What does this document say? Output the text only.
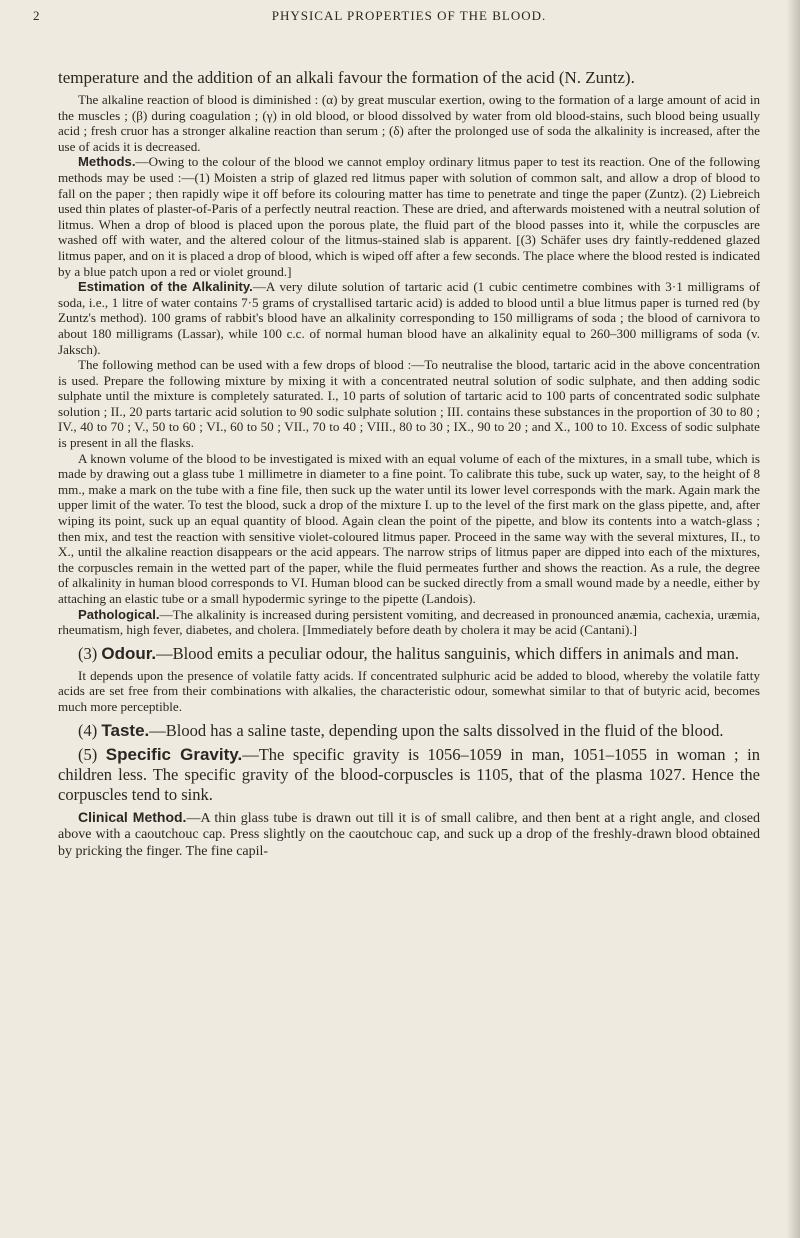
2	PHYSICAL PROPERTIES OF THE BLOOD.
temperature and the addition of an alkali favour the formation of the acid (N. Zuntz).

The alkaline reaction of blood is diminished : (α) by great muscular exertion, owing to the formation of a large amount of acid in the muscles ; (β) during coagulation ; (γ) in old blood, or blood dissolved by water from old blood-stains, such blood being usually acid ; fresh cruor has a stronger alkaline reaction than serum ; (δ) after the prolonged use of soda the alkalinity is increased, after the use of acids it is decreased.

Methods.—Owing to the colour of the blood we cannot employ ordinary litmus paper to test its reaction. One of the following methods may be used :—(1) Moisten a strip of glazed red litmus paper with solution of common salt, and allow a drop of blood to fall on the paper ; then rapidly wipe it off before its colouring matter has time to penetrate and tinge the paper (Zuntz). (2) Liebreich used thin plates of plaster-of-Paris of a perfectly neutral reaction. These are dried, and afterwards moistened with a neutral solution of litmus. When a drop of blood is placed upon the porous plate, the fluid part of the blood passes into it, while the corpuscles are washed off with water, and the altered colour of the litmus-stained slab is apparent. [(3) Schäfer uses dry faintly-reddened glazed litmus paper, and on it is placed a drop of blood, which is wiped off after a few seconds. The place where the blood rested is indicated by a blue patch upon a red or violet ground.]

Estimation of the Alkalinity.—A very dilute solution of tartaric acid (1 cubic centimetre combines with 3·1 milligrams of soda, i.e., 1 litre of water contains 7·5 grams of crystallised tartaric acid) is added to blood until a blue litmus paper is turned red (by Zuntz's method). 100 grams of rabbit's blood have an alkalinity corresponding to 150 milligrams of soda ; the blood of carnivora to about 180 milligrams (Lassar), while 100 c.c. of normal human blood have an alkalinity equal to 260–300 milligrams of soda (v. Jaksch).

The following method can be used with a few drops of blood :—To neutralise the blood, tartaric acid in the above concentration is used. Prepare the following mixture by mixing it with a concentrated neutral solution of sodic sulphate, and then adding sodic sulphate until the mixture is completely saturated. I., 10 parts of solution of tartaric acid to 100 parts of concentrated sodic sulphate solution ; II., 20 parts tartaric acid solution to 90 sodic sulphate solution ; III. contains these substances in the proportion of 30 to 80 ; IV., 40 to 70 ; V., 50 to 60 ; VI., 60 to 50 ; VII., 70 to 40 ; VIII., 80 to 30 ; IX., 90 to 20 ; and X., 100 to 10. Excess of sodic sulphate is present in all the flasks.

A known volume of the blood to be investigated is mixed with an equal volume of each of the mixtures, in a small tube, which is made by drawing out a glass tube 1 millimetre in diameter to a fine point. To calibrate this tube, suck up water, say, to the height of 8 mm., make a mark on the tube with a fine file, then suck up the water until its lower level corresponds with the mark. Again mark the upper limit of the water. To test the blood, suck a drop of the mixture I. up to the level of the first mark on the glass pipette, and, after wiping its point, suck up an equal quantity of blood. Again clean the point of the pipette, and blow its contents into a watch-glass ; then mix, and test the reaction with sensitive violet-coloured litmus paper. Proceed in the same way with the several mixtures, II., to X., until the alkaline reaction disappears or the acid appears. The narrow strips of litmus paper are dipped into each of the mixtures, the corpuscles remain in the wetted part of the paper, while the fluid permeates further and shows the reaction. As a rule, the degree of alkalinity in human blood corresponds to VI. Human blood can be sucked directly from a small wound made by a needle, either by attaching an elastic tube or a small hypodermic syringe to the pipette (Landois).

Pathological.—The alkalinity is increased during persistent vomiting, and decreased in pronounced anæmia, cachexia, uræmia, rheumatism, high fever, diabetes, and cholera. [Immediately before death by cholera it may be acid (Cantani).]

(3) Odour.—Blood emits a peculiar odour, the halitus sanguinis, which differs in animals and man.

It depends upon the presence of volatile fatty acids. If concentrated sulphuric acid be added to blood, whereby the volatile fatty acids are set free from their combinations with alkalies, the characteristic odour, somewhat similar to that of butyric acid, becomes much more perceptible.

(4) Taste.—Blood has a saline taste, depending upon the salts dissolved in the fluid of the blood.

(5) Specific Gravity.—The specific gravity is 1056–1059 in man, 1051–1055 in woman ; in children less. The specific gravity of the blood-corpuscles is 1105, that of the plasma 1027. Hence the corpuscles tend to sink.

Clinical Method.—A thin glass tube is drawn out till it is of small calibre, and then bent at a right angle, and closed above with a caoutchouc cap. Press slightly on the caoutchouc cap, and suck up a drop of the freshly-drawn blood obtained by pricking the finger. The fine capil-
